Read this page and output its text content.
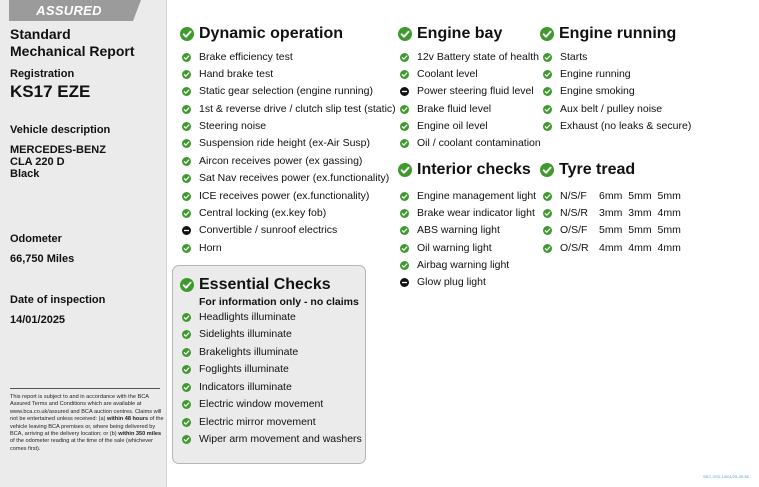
ASSURED
Standard
Mechanical Report
Registration
KS17 EZE
Vehicle description
MERCEDES-BENZ
CLA 220 D
Black
Odometer
66,750 Miles
Date of inspection
14/01/2025
This report is subject to and in accordance with the BCA Assured Terms and Conditions which are available at www.bca.co.uk/assured and BCA auction centres. Claims will not be entertained unless received: (a) within 48 hours of the vehicle leaving BCA premises or, where being delivered by BCA, arriving at the delivery location; or (b) within 350 miles of the odometer reading at the time of the sale (whichever comes first).
Dynamic operation	Engine bay	Engine running
Interior checks Tyre tread
Essential Checks
For information only - no claims
Brake efficiency test
Hand brake test
Static gear selection (engine running)
1st & reverse drive / clutch slip test (static)
Steering noise
Suspension ride height (ex-Air Susp)
Aircon receives power (ex gassing)
Sat Nav receives power (ex.functionality)
ICE receives power (ex.functionality)
Central locking (ex.key fob)
Convertible / sunroof electrics
Horn
12v Battery state of health
Coolant level
Power steering fluid level
Brake fluid level
Engine oil level
Oil / coolant contamination
Starts
Engine running
Engine smoking
Aux belt / pulley noise
Exhaust (no leaks & secure)
Engine management light
Brake wear indicator light
ABS warning light
Oil warning light
Airbag warning light
Glow plug light
N/S/F 6mm 5mm 5mm
N/S/R 3mm 3mm 4mm
O/S/F 5mm 5mm 5mm
O/S/R 4mm 4mm 4mm
Headlights illuminate
Sidelights illuminate
Brakelights illuminate
Foglights illuminate
Indicators illuminate
Electric window movement
Electric mirror movement
Wiper arm movement and washers
SEC-3YD-14/01/25-09:38
